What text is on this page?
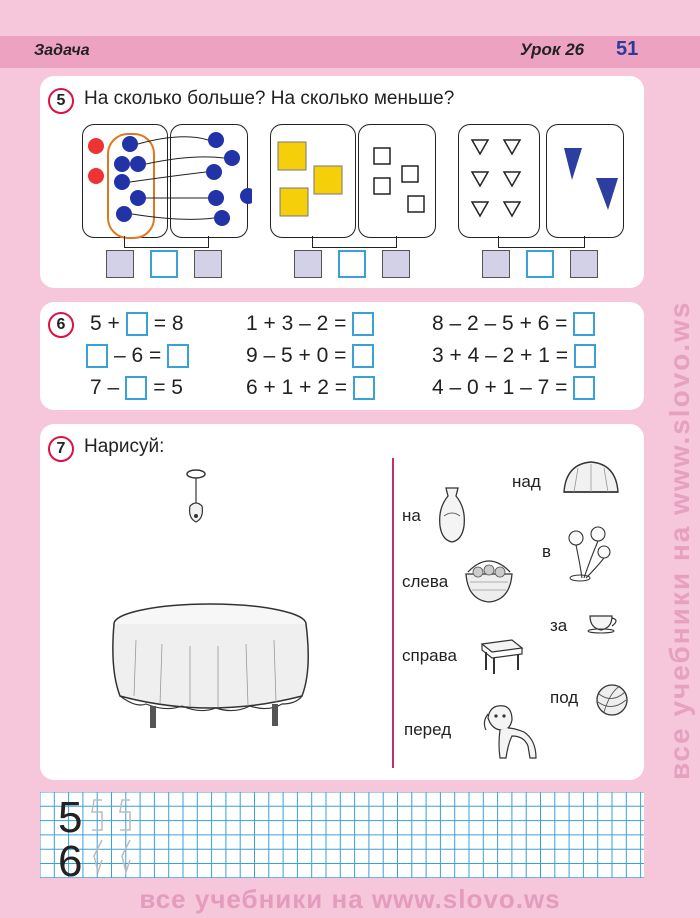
Задача	Урок 26 51
5 На сколько больше? На сколько меньше?
6	5 + = 8
– 6 =
7 – = 5
1 + 3 – 2 =
9 – 5 + 0 =
6 + 1 + 2 =
8 – 2 – 5 + 6 =
3 + 4 – 2 + 1 =
4 – 0 + 1 – 7 =
7 Нарисуй:
над
на
в
слева
за
справа
под
перед
5
6
все учебники на www.slovo.ws
все учебники на www.slovo.ws
